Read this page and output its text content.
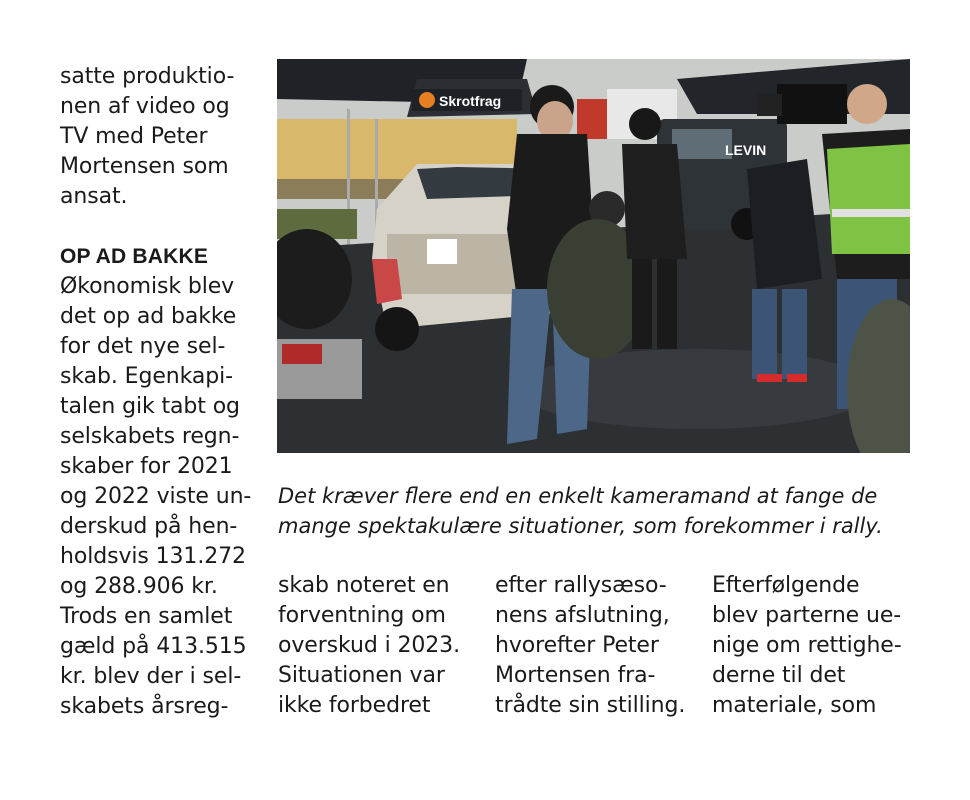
satte produktio-
nen af video og
TV med Peter
Mortensen som
ansat.
OP AD BAKKE
Økonomisk blev
det op ad bakke
for det nye sel-
skab. Egenkapi-
talen gik tabt og
selskabets regn-
skaber for 2021
og 2022 viste un-
derskud på hen-
holdsvis 131.272
og 288.906 kr.
Trods en samlet
gæld på 413.515
kr. blev der i sel-
skabets årsreg-
LEVIN
Skrotfrag
Det kræver flere end en enkelt kameramand at fange de
mange spektakulære situationer, som forekommer i rally.
skab noteret en
forventning om
overskud i 2023.
Situationen var
ikke forbedret
efter rallysæso-
nens afslutning,
hvorefter Peter
Mortensen fra-
trådte sin stilling.
Efterfølgende
blev parterne ue-
nige om rettighe-
derne til det
materiale, som
